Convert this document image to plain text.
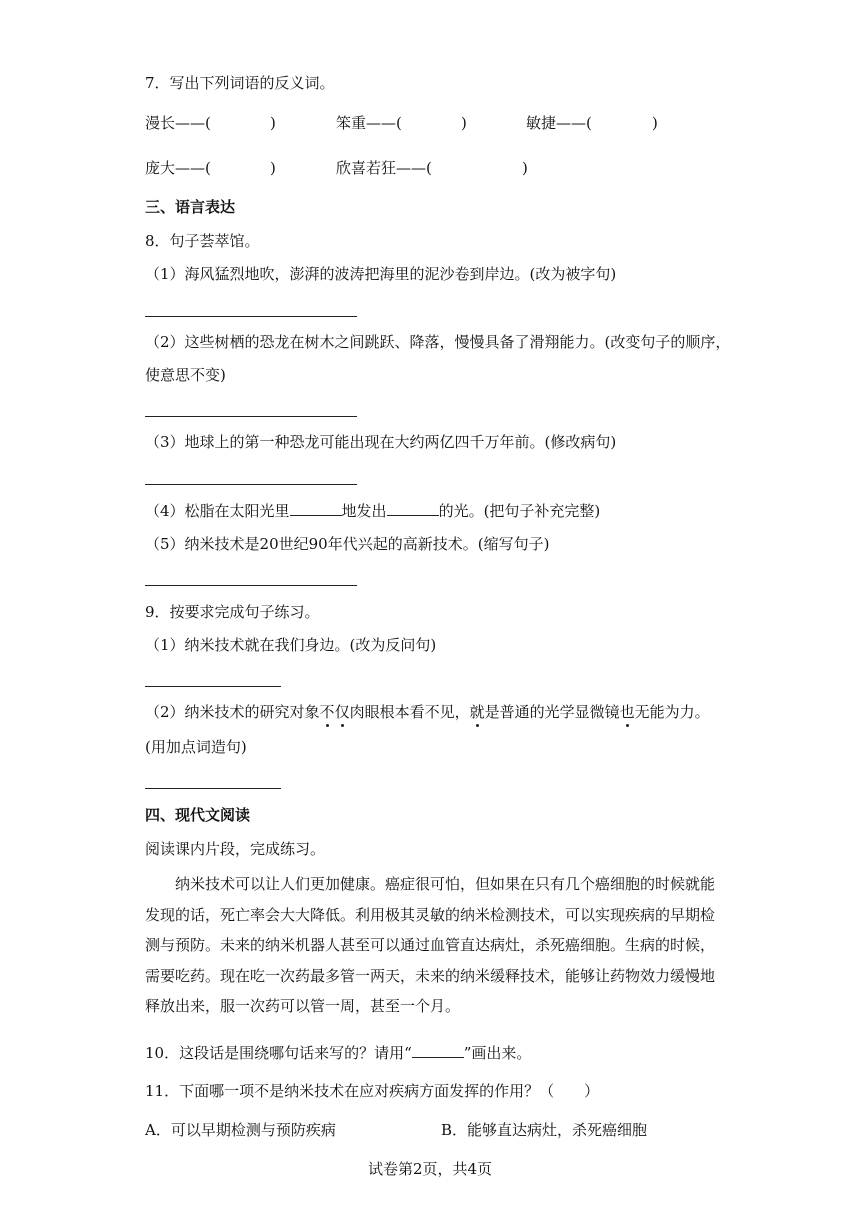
7．写出下列词语的反义词。
漫长——(	)	笨重——(	)	敏捷——(	)
庞大——(	)	欣喜若狂——(	)
三、语言表达
8．句子荟萃馆。
（1）海风猛烈地吹，澎湃的波涛把海里的泥沙卷到岸边。(改为被字句)
（2）这些树栖的恐龙在树木之间跳跃、降落，慢慢具备了滑翔能力。(改变句子的顺序，
使意思不变)
（3）地球上的第一种恐龙可能出现在大约两亿四千万年前。(修改病句)
（4）松脂在太阳光里	地发出	的光。(把句子补充完整)
（5）纳米技术是20世纪90年代兴起的高新技术。(缩写句子)
9．按要求完成句子练习。
（1）纳米技术就在我们身边。(改为反问句)
（2）纳米技术的研究对象不仅肉眼根本看不见，就是普通的光学显微镜也无能为力。
(用加点词造句)
四、现代文阅读
阅读课内片段，完成练习。
纳米技术可以让人们更加健康。癌症很可怕，但如果在只有几个癌细胞的时候就能发现的话，死亡率会大大降低。利用极其灵敏的纳米检测技术，可以实现疾病的早期检测与预防。未来的纳米机器人甚至可以通过血管直达病灶，杀死癌细胞。生病的时候，需要吃药。现在吃一次药最多管一两天，未来的纳米缓释技术，能够让药物效力缓慢地释放出来，服一次药可以管一周，甚至一个月。
10．这段话是围绕哪句话来写的？请用“	”画出来。
11．下面哪一项不是纳米技术在应对疾病方面发挥的作用？（　　）
A．可以早期检测与预防疾病	B．能够直达病灶，杀死癌细胞
试卷第2页，共4页
